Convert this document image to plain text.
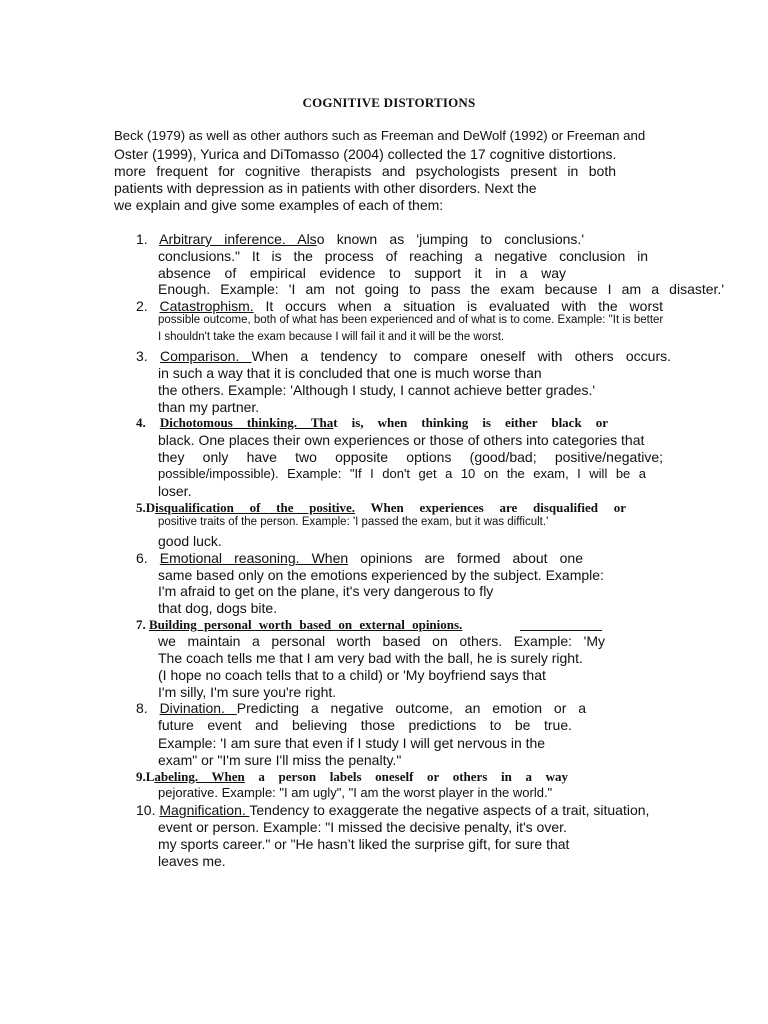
COGNITIVE DISTORTIONS
Beck (1979) as well as other authors such as Freeman and DeWolf (1992) or Freeman and
Oster (1999), Yurica and DiTomasso (2004) collected the 17 cognitive distortions.
more frequent for cognitive therapists and psychologists present in both
patients with depression as in patients with other disorders. Next the
we explain and give some examples of each of them:
1. Arbitrary inference. Also known as 'jumping to conclusions.'
conclusions." It is the process of reaching a negative conclusion in
absence of empirical evidence to support it in a way
Enough. Example: 'I am not going to pass the exam because I am a disaster.'
2. Catastrophism. It occurs when a situation is evaluated with the worst
possible outcome, both of what has been experienced and of what is to come. Example: "It is better
I shouldn't take the exam because I will fail it and it will be the worst.
3. Comparison. When a tendency to compare oneself with others occurs.
in such a way that it is concluded that one is much worse than
the others. Example: 'Although I study, I cannot achieve better grades.'
than my partner.
4. Dichotomous thinking. That is, when thinking is either black or
black. One places their own experiences or those of others into categories that
they only have two opposite options (good/bad; positive/negative;
possible/impossible). Example: "If I don't get a 10 on the exam, I will be a
loser.
5.Disqualification of the positive. When experiences are disqualified or
positive traits of the person. Example: 'I passed the exam, but it was difficult.'
good luck.
6. Emotional reasoning. When opinions are formed about one
same based only on the emotions experienced by the subject. Example:
I'm afraid to get on the plane, it's very dangerous to fly
that dog, dogs bite.
7. Building personal worth based on external opinions.
we maintain a personal worth based on others. Example: 'My
The coach tells me that I am very bad with the ball, he is surely right.
(I hope no coach tells that to a child) or 'My boyfriend says that
I'm silly, I'm sure you're right.
8. Divination. Predicting a negative outcome, an emotion or a
future event and believing those predictions to be true.
Example: 'I am sure that even if I study I will get nervous in the
exam" or "I'm sure I'll miss the penalty."
9.Labeling. When a person labels oneself or others in a way
pejorative. Example: "I am ugly", "I am the worst player in the world."
10. Magnification. Tendency to exaggerate the negative aspects of a trait, situation,
event or person. Example: "I missed the decisive penalty, it's over.
my sports career." or "He hasn’t liked the surprise gift, for sure that
leaves me.
